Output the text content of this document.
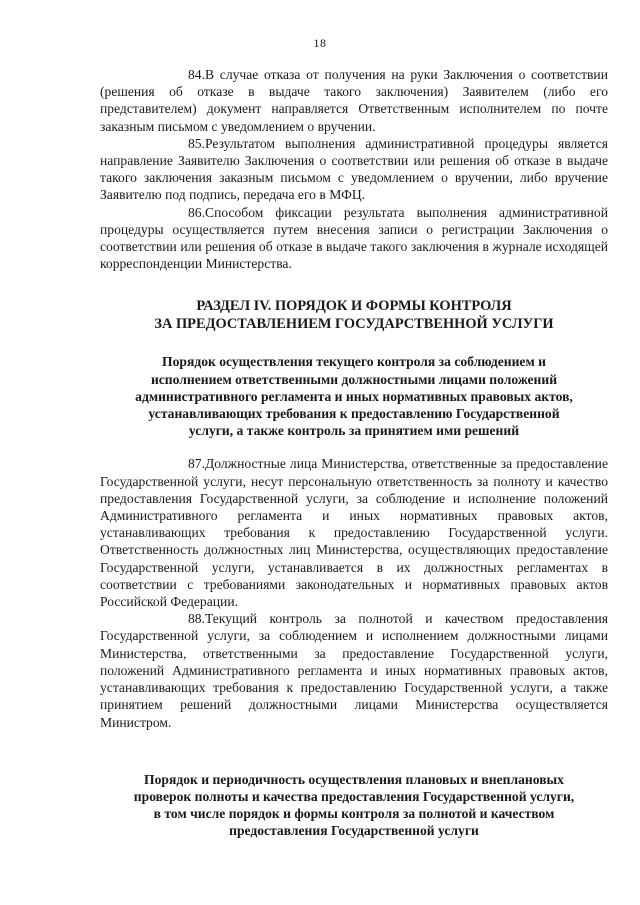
18

84.В случае отказа от получения на руки Заключения о соответствии (решения об отказе в выдаче такого заключения) Заявителем (либо его представителем) документ направляется Ответственным исполнителем по почте заказным письмом с уведомлением о вручении.

85.Результатом выполнения административной процедуры является направление Заявителю Заключения о соответствии или решения об отказе в выдаче такого заключения заказным письмом с уведомлением о вручении, либо вручение Заявителю под подпись, передача его в МФЦ.

86.Способом фиксации результата выполнения административной процедуры осуществляется путем внесения записи о регистрации Заключения о соответствии или решения об отказе в выдаче такого заключения в журнале исходящей корреспонденции Министерства.

РАЗДЕЛ IV. ПОРЯДОК И ФОРМЫ КОНТРОЛЯ
ЗА ПРЕДОСТАВЛЕНИЕМ ГОСУДАРСТВЕННОЙ УСЛУГИ
Порядок осуществления текущего контроля за соблюдением и
исполнением ответственными должностными лицами положений
административного регламента и иных нормативных правовых актов,
устанавливающих требования к предоставлению Государственной
услуги, а также контроль за принятием ими решений

87.Должностные лица Министерства, ответственные за предоставление Государственной услуги, несут персональную ответственность за полноту и качество предоставления Государственной услуги, за соблюдение и исполнение положений Административного регламента и иных нормативных правовых актов, устанавливающих требования к предоставлению Государственной услуги. Ответственность должностных лиц Министерства, осуществляющих предоставление Государственной услуги, устанавливается в их должностных регламентах в соответствии с требованиями законодательных и нормативных правовых актов Российской Федерации.

88.Текущий контроль за полнотой и качеством предоставления Государственной услуги, за соблюдением и исполнением должностными лицами Министерства, ответственными за предоставление Государственной услуги, положений Административного регламента и иных нормативных правовых актов, устанавливающих требования к предоставлению Государственной услуги, а также принятием решений должностными лицами Министерства осуществляется Министром.

Порядок и периодичность осуществления плановых и внеплановых
проверок полноты и качества предоставления Государственной услуги,
в том числе порядок и формы контроля за полнотой и качеством
предоставления Государственной услуги
